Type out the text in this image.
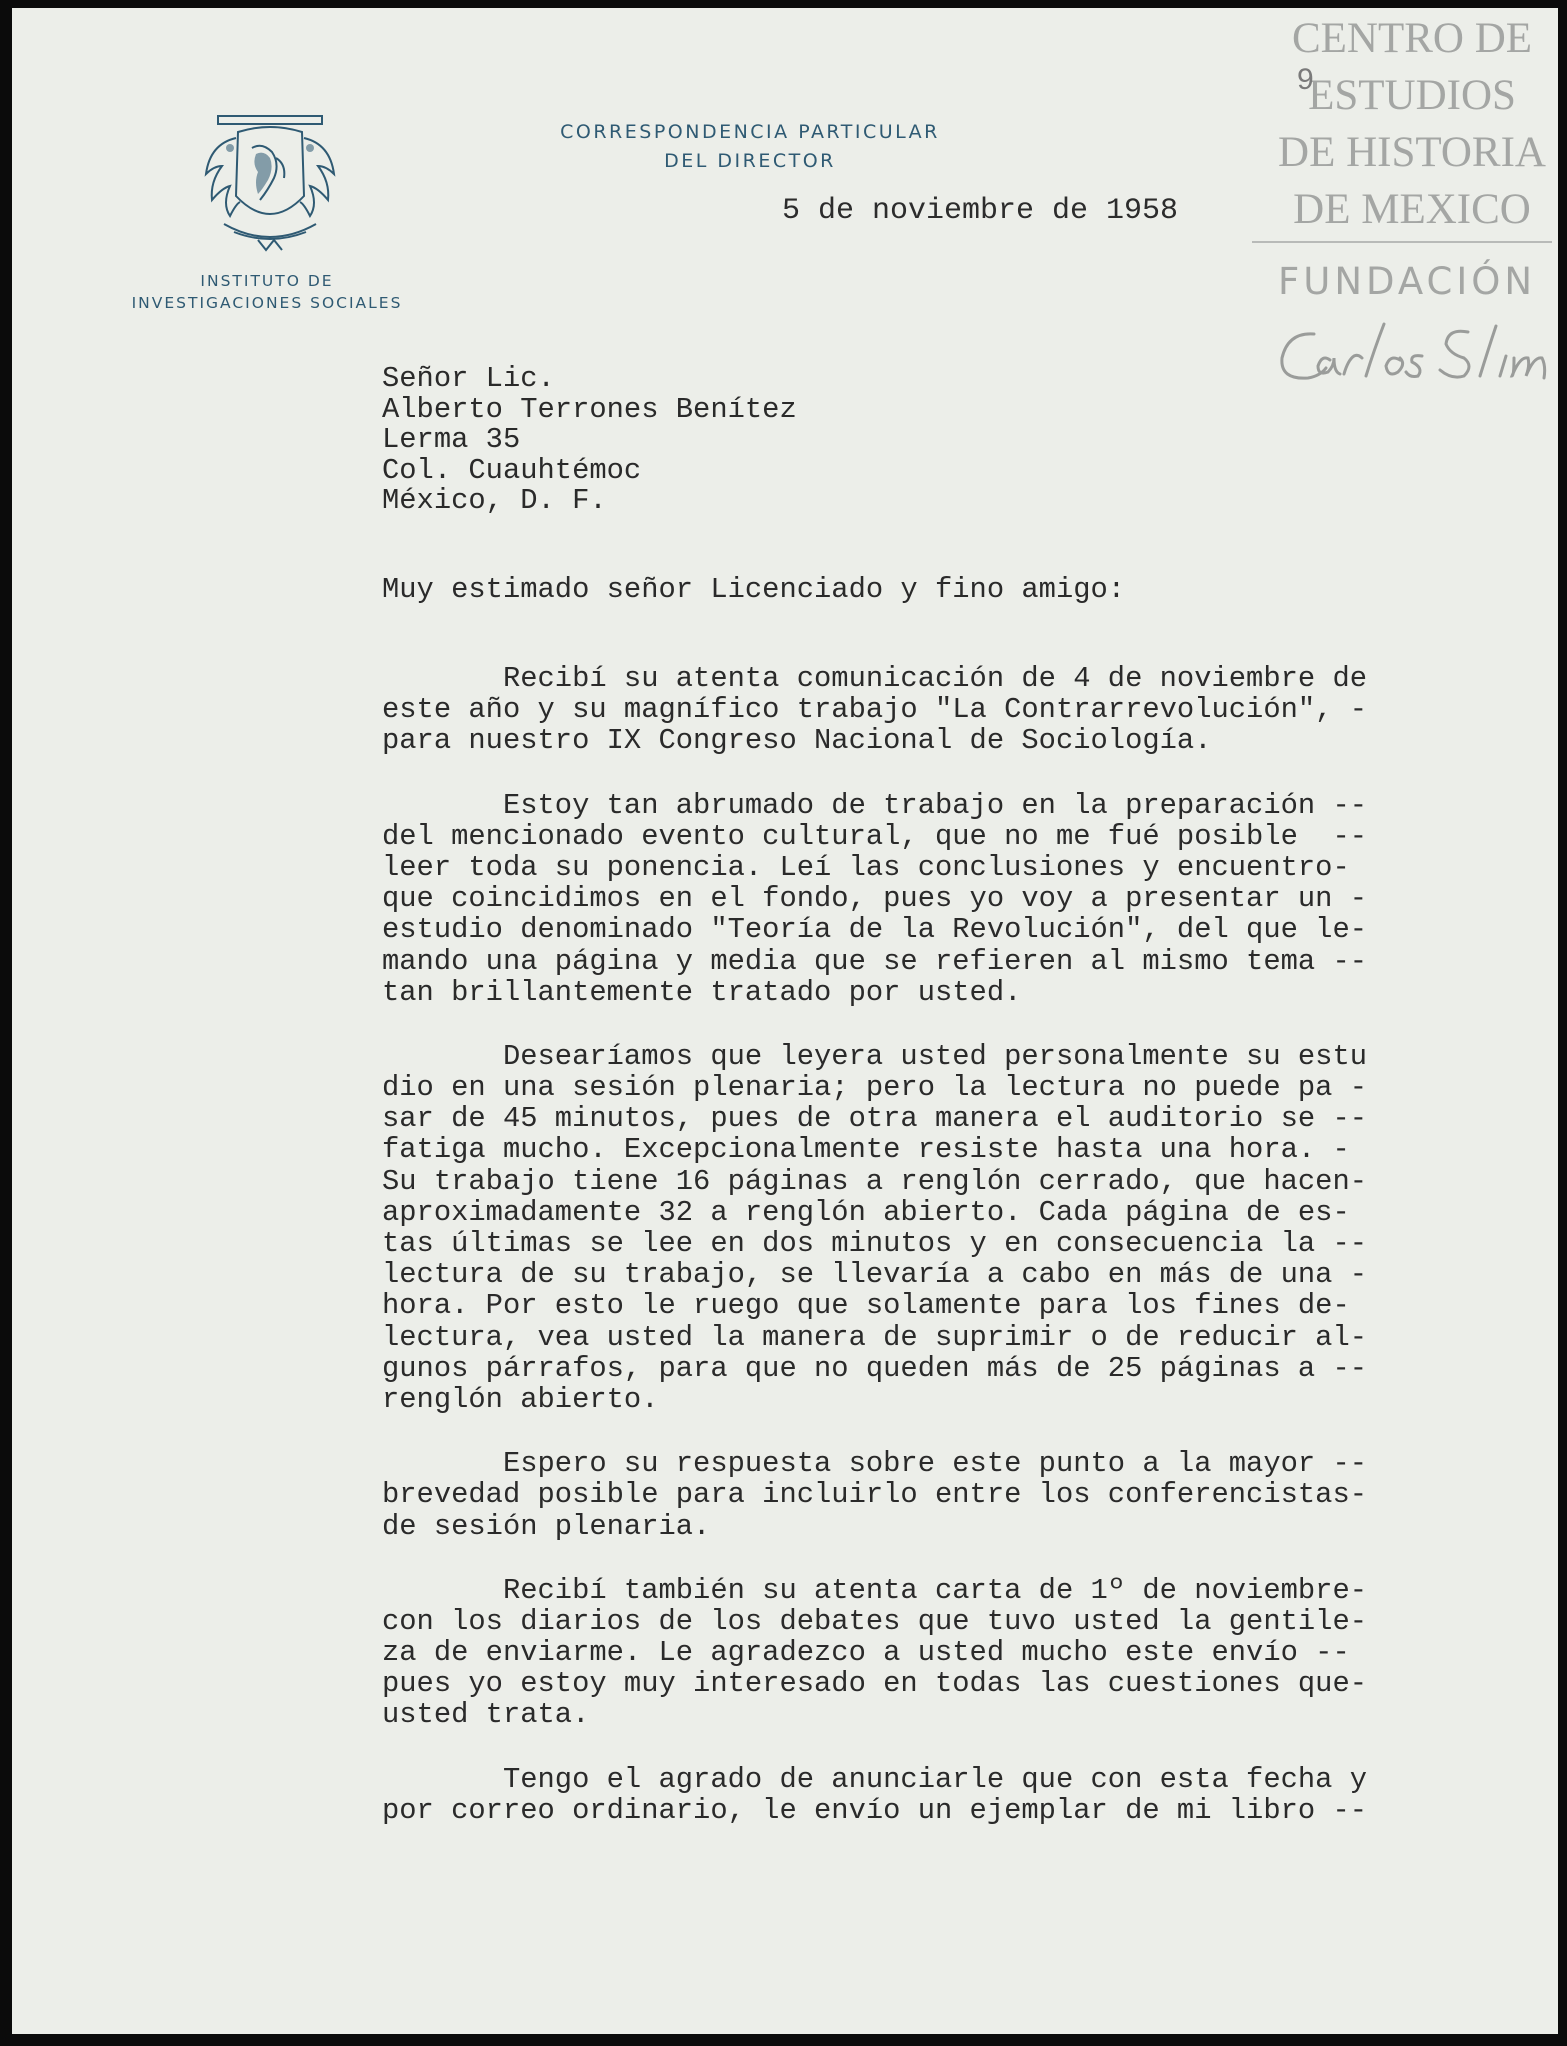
INSTITUTO DE
INVESTIGACIONES SOCIALES
CORRESPONDENCIA PARTICULAR
DEL DIRECTOR
5 de noviembre de 1958
CENTRO DE
ESTUDIOS
9
DE HISTORIA
DE MEXICO
FUNDACIÓN
Señor Lic.
Alberto Terrones Benítez
Lerma 35
Col. Cuauhtémoc
México, D. F.
Muy estimado señor Licenciado y fino amigo:
Recibí su atenta comunicación de 4 de noviembre de
este año y su magnífico trabajo "La Contrarrevolución", -
para nuestro IX Congreso Nacional de Sociología.
Estoy tan abrumado de trabajo en la preparación --
del mencionado evento cultural, que no me fué posible  --
leer toda su ponencia. Leí las conclusiones y encuentro-
que coincidimos en el fondo, pues yo voy a presentar un -
estudio denominado "Teoría de la Revolución", del que le-
mando una página y media que se refieren al mismo tema --
tan brillantemente tratado por usted.
Desearíamos que leyera usted personalmente su estu
dio en una sesión plenaria; pero la lectura no puede pa -
sar de 45 minutos, pues de otra manera el auditorio se --
fatiga mucho. Excepcionalmente resiste hasta una hora. -
Su trabajo tiene 16 páginas a renglón cerrado, que hacen-
aproximadamente 32 a renglón abierto. Cada página de es-
tas últimas se lee en dos minutos y en consecuencia la --
lectura de su trabajo, se llevaría a cabo en más de una -
hora. Por esto le ruego que solamente para los fines de-
lectura, vea usted la manera de suprimir o de reducir al-
gunos párrafos, para que no queden más de 25 páginas a --
renglón abierto.
Espero su respuesta sobre este punto a la mayor --
brevedad posible para incluirlo entre los conferencistas-
de sesión plenaria.
Recibí también su atenta carta de 1º de noviembre-
con los diarios de los debates que tuvo usted la gentile-
za de enviarme. Le agradezco a usted mucho este envío --
pues yo estoy muy interesado en todas las cuestiones que-
usted trata.
Tengo el agrado de anunciarle que con esta fecha y
por correo ordinario, le envío un ejemplar de mi libro --
